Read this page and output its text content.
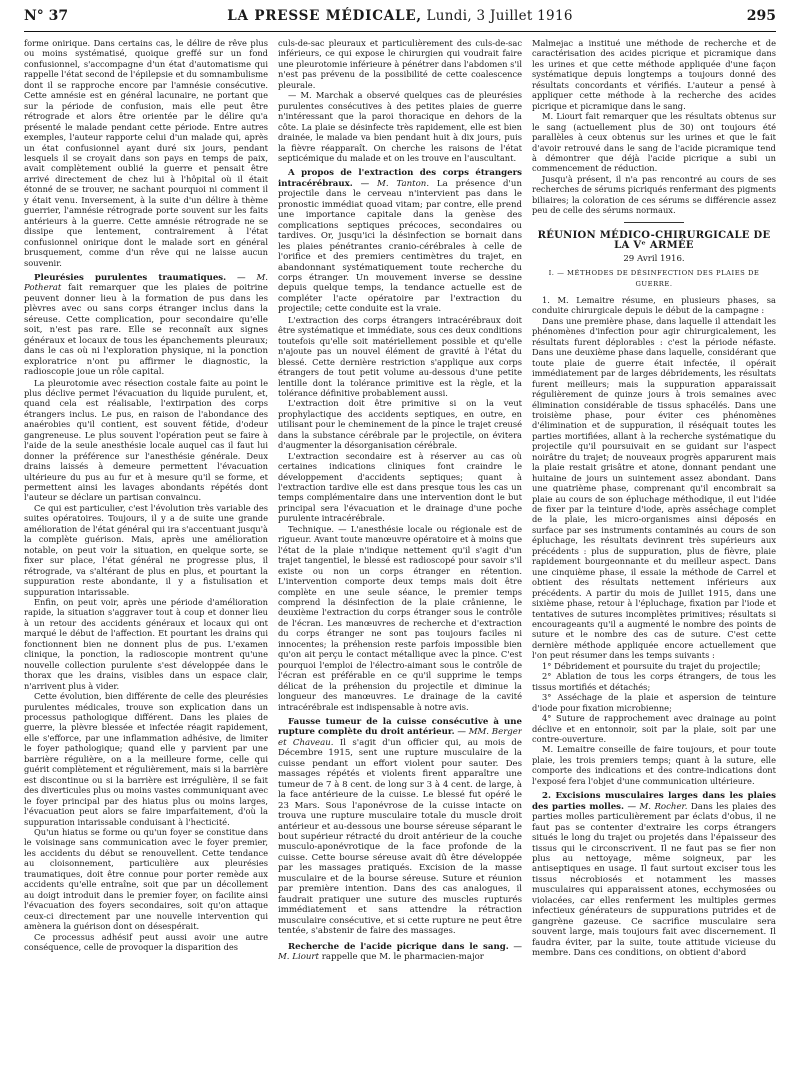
N° 37	LA PRESSE MÉDICALE, Lundi, 3 Juillet 1916	295

forme onirique. Dans certains cas, le délire de rêve plus ou moins systématisé, quoique greffé sur un fond confusionnel, s'accompagne d'un état d'automatisme qui rappelle l'état second de l'épilepsie et du somnambulisme dont il se rapproche encore par l'amnésie consécutive. Cette amnésie est en général lacunaire, ne portant que sur la période de confusion, mais elle peut être rétrograde et alors être orientée par le délire qu'a présenté le malade pendant cette période. Entre autres exemples, l'auteur rapporte celui d'un malade qui, après un état confusionnel ayant duré six jours, pendant lesquels il se croyait dans son pays en temps de paix, avait complètement oublié la guerre et pensait être arrivé directement de chez lui à l'hôpital où il était étonné de se trouver, ne sachant pourquoi ni comment il y était venu. Inversement, à la suite d'un délire à thème guerrier, l'amnésie rétrograde porte souvent sur les faits antérieurs à la guerre. Cette amnésie rétrograde ne se dissipe que lentement, contrairement à l'état confusionnel onirique dont le malade sort en général brusquement, comme d'un rêve qui ne laisse aucun souvenir.

Pleurésies purulentes traumatiques. — M. Potherat fait remarquer que les plaies de poitrine peuvent donner lieu à la formation de pus dans les plèvres avec ou sans corps étranger inclus dans la séreuse. Cette complication, pour secondaire qu'elle soit, n'est pas rare. Elle se reconnaît aux signes généraux et locaux de tous les épanchements pleuraux; dans le cas où ni l'exploration physique, ni la ponction exploratrice n'ont pu affirmer le diagnostic, la radioscopie joue un rôle capital.

La pleurotomie avec résection costale faite au point le plus déclive permet l'évacuation du liquide purulent, et, quand cela est réalisable, l'extirpation des corps étrangers inclus. Le pus, en raison de l'abondance des anaérobies qu'il contient, est souvent fétide, d'odeur gangreneuse. Le plus souvent l'opération peut se faire à l'aide de la seule anesthésie locale auquel cas il faut lui donner la préférence sur l'anesthésie générale. Deux drains laissés à demeure permettent l'évacuation ultérieure du pus au fur et à mesure qu'il se forme, et permettent ainsi les lavages abondants répétés dont l'auteur se déclare un partisan convaincu.

Ce qui est particulier, c'est l'évolution très variable des suites opératoires. Toujours, il y a de suite une grande amélioration de l'état général qui ira s'accentuant jusqu'à la complète guérison. Mais, après une amélioration notable, on peut voir la situation, en quelque sorte, se fixer sur place, l'état général ne progresse plus, il rétrograde, va s'altérant de plus en plus, et pourtant la suppuration reste abondante, il y a fistulisation et suppuration intarissable.

Enfin, on peut voir, après une période d'amélioration rapide, la situation s'aggraver tout à coup et donner lieu à un retour des accidents généraux et locaux qui ont marqué le début de l'affection. Et pourtant les drains qui fonctionnent bien ne donnent plus de pus. L'examen clinique, la ponction, la radioscopie montrent qu'une nouvelle collection purulente s'est développée dans le thorax que les drains, visibles dans un espace clair, n'arrivent plus à vider.

Cette évolution, bien différente de celle des pleurésies purulentes médicales, trouve son explication dans un processus pathologique différent. Dans les plaies de guerre, la plèvre blessée et infectée réagit rapidement, elle s'efforce, par une inflammation adhésive, de limiter le foyer pathologique; quand elle y parvient par une barrière régulière, on a la meilleure forme, celle qui guérit complètement et régulièrement, mais si la barrière est discontinue ou si la barrière est irrégulière, il se fait des diverticules plus ou moins vastes communiquant avec le foyer principal par des hiatus plus ou moins larges, l'évacuation peut alors se faire imparfaitement, d'où la suppuration intarissable conduisant à l'hecticité.

Qu'un hiatus se forme ou qu'un foyer se constitue dans le voisinage sans communication avec le foyer premier, les accidents du début se renouvellent. Cette tendance au cloisonnement, particulière aux pleurésies traumatiques, doit être connue pour porter remède aux accidents qu'elle entraîne, soit que par un décollement au doigt introduit dans le premier foyer, on facilite ainsi l'évacuation des foyers secondaires, soit qu'on attaque ceux-ci directement par une nouvelle intervention qui amènera la guérison dont on désespérait.

Ce processus adhésif peut aussi avoir une autre conséquence, celle de provoquer la disparition des

culs-de-sac pleuraux et particulièrement des culs-de-sac inférieurs, ce qui expose le chirurgien qui voudrait faire une pleurotomie inférieure à pénétrer dans l'abdomen s'il n'est pas prévenu de la possibilité de cette coalescence pleurale.

— M. Marchak a observé quelques cas de pleurésies purulentes consécutives à des petites plaies de guerre n'intéressant que la paroi thoracique en dehors de la côte. La plaie se désinfecte très rapidement, elle est bien drainée, le malade va bien pendant huit à dix jours, puis la fièvre réapparaît. On cherche les raisons de l'état septicémique du malade et on les trouve en l'auscultant.

A propos de l'extraction des corps étrangers intracérébraux. — M. Tanton. La présence d'un projectile dans le cerveau n'intervient pas dans le pronostic immédiat quoad vitam; par contre, elle prend une importance capitale dans la genèse des complications septiques précoces, secondaires ou tardives. Or, jusqu'ici la désinfection se bornait dans les plaies pénétrantes cranio-cérébrales à celle de l'orifice et des premiers centimètres du trajet, en abandonnant systématiquement toute recherche du corps étranger. Un mouvement inverse se dessine depuis quelque temps, la tendance actuelle est de compléter l'acte opératoire par l'extraction du projectile; cette conduite est la vraie.

L'extraction des corps étrangers intracérébraux doit être systématique et immédiate, sous ces deux conditions toutefois qu'elle soit matériellement possible et qu'elle n'ajoute pas un nouvel élément de gravité à l'état du blessé. Cette dernière restriction s'applique aux corps étrangers de tout petit volume au-dessous d'une petite lentille dont la tolérance primitive est la règle, et la tolérance définitive probablement aussi.

L'extraction doit être primitive si on la veut prophylactique des accidents septiques, en outre, en utilisant pour le cheminement de la pince le trajet creusé dans la substance cérébrale par le projectile, on évitera d'augmenter la désorganisation cérébrale.

L'extraction secondaire est à réserver au cas où certaines indications cliniques font craindre le développement d'accidents septiques; quant à l'extraction tardive elle est dans presque tous les cas un temps complémentaire dans une intervention dont le but principal sera l'évacuation et le drainage d'une poche purulente intracérébrale.

Technique. — L'anesthésie locale ou régionale est de rigueur. Avant toute manœuvre opératoire et à moins que l'état de la plaie n'indique nettement qu'il s'agit d'un trajet tangentiel, le blessé est radioscopé pour savoir s'il existe ou non un corps étranger en rétention. L'intervention comporte deux temps mais doit être complète en une seule séance, le premier temps comprend la désinfection de la plaie crânienne, le deuxième l'extraction du corps étranger sous le contrôle de l'écran. Les manœuvres de recherche et d'extraction du corps étranger ne sont pas toujours faciles ni innocentes; la préhension reste parfois impossible bien qu'on ait perçu le contact métallique avec la pince. C'est pourquoi l'emploi de l'électro-aimant sous le contrôle de l'écran est préférable en ce qu'il supprime le temps délicat de la préhension du projectile et diminue la longueur des manœuvres. Le drainage de la cavité intracérébrale est indispensable à notre avis.

Fausse tumeur de la cuisse consécutive à une rupture complète du droit antérieur. — MM. Berger et Chaveau. Il s'agit d'un officier qui, au mois de Décembre 1915, sent une rupture musculaire de la cuisse pendant un effort violent pour sauter. Des massages répétés et violents firent apparaître une tumeur de 7 à 8 cent. de long sur 3 à 4 cent. de large, à la face antérieure de la cuisse. Le blessé fut opéré le 23 Mars. Sous l'aponévrose de la cuisse intacte on trouva une rupture musculaire totale du muscle droit antérieur et au-dessous une bourse séreuse séparant le bout supérieur rétracté du droit antérieur de la couche musculo-aponévrotique de la face profonde de la cuisse. Cette bourse séreuse avait dû être développée par les massages pratiqués. Excision de la masse musculaire et de la bourse séreuse. Suture et réunion par première intention. Dans des cas analogues, il faudrait pratiquer une suture des muscles rupturés immédiatement et sans attendre la rétraction musculaire consécutive, et si cette rupture ne peut être tentée, s'abstenir de faire des massages.
Recherche de l'acide picrique dans le sang. — M. Liourt rappelle que M. le pharmacien-major

Malmejac a institué une méthode de recherche et de caractérisation des acides picrique et picramique dans les urines et que cette méthode appliquée d'une façon systématique depuis longtemps a toujours donné des résultats concordants et vérifiés. L'auteur a pensé à appliquer cette méthode à la recherche des acides picrique et picramique dans le sang.

M. Liourt fait remarquer que les résultats obtenus sur le sang (actuellement plus de 30) ont toujours été parallèles à ceux obtenus sur les urines et que le fait d'avoir retrouvé dans le sang de l'acide picramique tend à démontrer que déjà l'acide picrique a subi un commencement de réduction.

Jusqu'à présent, il n'a pas rencontré au cours de ses recherches de sérums picriqués renfermant des pigments biliaires; la coloration de ces sérums se différencie assez peu de celle des sérums normaux.

RÉUNION MÉDICO-CHIRURGICALE DE LA Vᵉ ARMÉE
29 Avril 1916.
I. — MÉTHODES DE DÉSINFECTION DES PLAIES DE GUERRE.

1. M. Lemaitre résume, en plusieurs phases, sa conduite chirurgicale depuis le début de la campagne :

Dans une première phase, dans laquelle il attendait les phénomènes d'infection pour agir chirurgicalement, les résultats furent déplorables : c'est la période néfaste. Dans une deuxième phase dans laquelle, considérant que toute plaie de guerre était infectée, il opérait immédiatement par de larges débridements, les résultats furent meilleurs; mais la suppuration apparaissait régulièrement de quinze jours à trois semaines avec élimination considérable de tissus sphacélés. Dans une troisième phase, pour éviter ces phénomènes d'élimination et de suppuration, il réséquait toutes les parties mortifiées, allant à la recherche systématique du projectile qu'il poursuivait en se guidant sur l'aspect noirâtre du trajet; de nouveaux progrès apparurent mais la plaie restait grisâtre et atone, donnant pendant une huitaine de jours un suintement assez abondant. Dans une quatrième phase, comprenant qu'il encombrait sa plaie au cours de son épluchage méthodique, il eut l'idée de fixer par la teinture d'iode, après asséchage complet de la plaie, les micro-organismes ainsi déposés en surface par ses instruments contaminés au cours de son épluchage, les résultats devinrent très supérieurs aux précédents : plus de suppuration, plus de fièvre, plaie rapidement bourgeonnante et du meilleur aspect. Dans une cinquième phase, il essaie la méthode de Carrel et obtient des résultats nettement inférieurs aux précédents. A partir du mois de Juillet 1915, dans une sixième phase, retour à l'épluchage, fixation par l'iode et tentatives de sutures incomplètes primitives; résultats si encourageants qu'il a augmenté le nombre des points de suture et le nombre des cas de suture. C'est cette dernière méthode appliquée encore actuellement que l'on peut résumer dans les temps suivants :

1° Débridement et poursuite du trajet du projectile;

2° Ablation de tous les corps étrangers, de tous les tissus mortifiés et détachés;

3° Asséchage de la plaie et aspersion de teinture d'iode pour fixation microbienne;

4° Suture de rapprochement avec drainage au point déclive et en entonnoir, soit par la plaie, soit par une contre-ouverture.

M. Lemaitre conseille de faire toujours, et pour toute plaie, les trois premiers temps; quant à la suture, elle comporte des indications et des contre-indications dont l'exposé fera l'objet d'une communication ultérieure.

2. Excisions musculaires larges dans les plaies des parties molles. — M. Rocher. Dans les plaies des parties molles particulièrement par éclats d'obus, il ne faut pas se contenter d'extraire les corps étrangers situés le long du trajet ou projetés dans l'épaisseur des tissus qui le circonscrivent. Il ne faut pas se fier non plus au nettoyage, même soigneux, par les antiseptiques en usage. Il faut surtout exciser tous les tissus nécrobiosés et notamment les masses musculaires qui apparaissent atones, ecchymosées ou violacées, car elles renferment les multiples germes infectieux générateurs de suppurations putrides et de gangrène gazeuse. Ce sacrifice musculaire sera souvent large, mais toujours fait avec discernement. Il faudra éviter, par la suite, toute attitude vicieuse du membre. Dans ces conditions, on obtient d'abord
